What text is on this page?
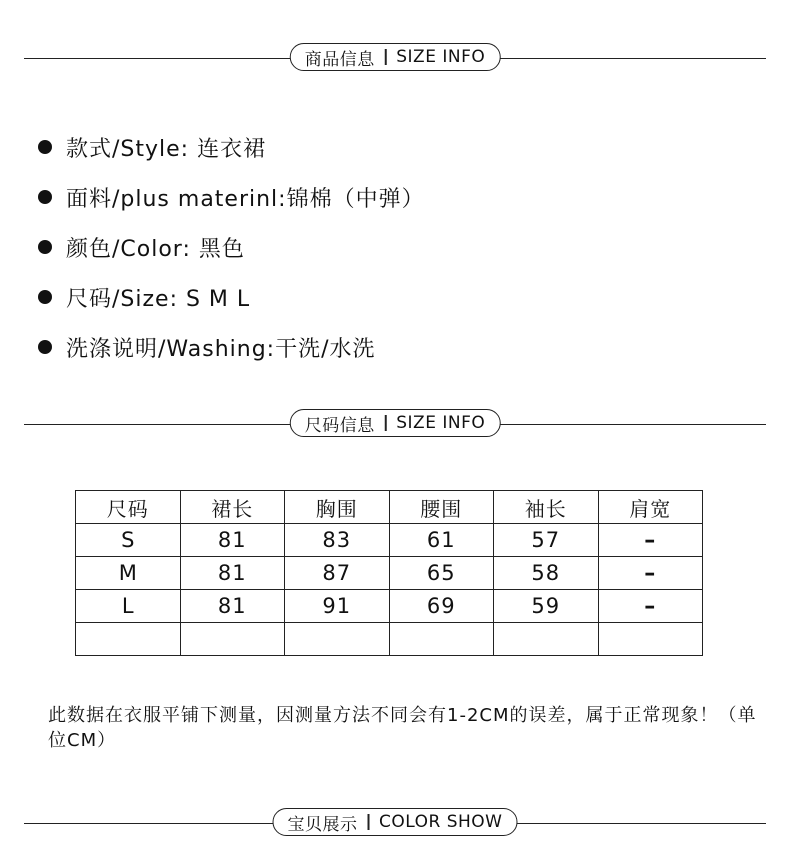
商品信息 SIZE INFO
款式/Style: 连衣裙
面料/plus materinl:锦棉（中弹）
颜色/Color: 黑色
尺码/Size: S M L
洗涤说明/Washing:干洗/水洗
尺码信息 SIZE INFO
尺码	裙长	胸围	腰围	袖长	肩宽
S	81	83	61	57	–
M	81	87	65	58	–
L	81	91	69	59	–

此数据在衣服平铺下测量，因测量方法不同会有1-2CM的误差，属于正常现象！（单位CM）
宝贝展示 COLOR SHOW
